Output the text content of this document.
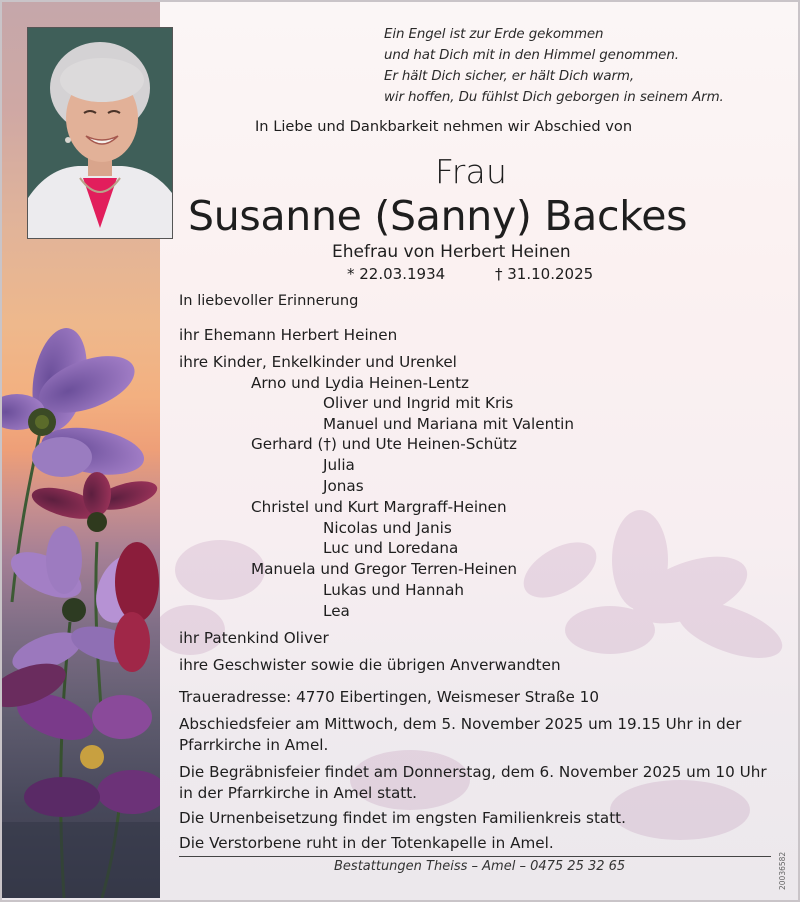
Ein Engel ist zur Erde gekommen
und hat Dich mit in den Himmel genommen.
Er hält Dich sicher, er hält Dich warm,
wir hoffen, Du fühlst Dich geborgen in seinem Arm.
In Liebe und Dankbarkeit nehmen wir Abschied von
Frau
Susanne (Sanny) Backes
Ehefrau von Herbert Heinen
* 22.03.1934	† 31.10.2025
In liebevoller Erinnerung
ihr Ehemann Herbert Heinen
ihre Kinder, Enkelkinder und Urenkel
Arno und Lydia Heinen-Lentz
Oliver und Ingrid mit Kris
Manuel und Mariana mit Valentin
Gerhard (†) und Ute Heinen-Schütz
Julia
Jonas
Christel und Kurt Margraff-Heinen
Nicolas und Janis
Luc und Loredana
Manuela und Gregor Terren-Heinen
Lukas und Hannah
Lea
ihr Patenkind Oliver
ihre Geschwister sowie die übrigen Anverwandten
Traueradresse: 4770 Eibertingen, Weismeser Straße 10
Abschiedsfeier am Mittwoch, dem 5. November 2025 um 19.15 Uhr in der Pfarrkirche in Amel.
Die Begräbnisfeier findet am Donnerstag, dem 6. November 2025 um 10 Uhr in der Pfarrkirche in Amel statt.
Die Urnenbeisetzung findet im engsten Familienkreis statt.
Die Verstorbene ruht in der Totenkapelle in Amel.
Bestattungen Theiss – Amel – 0475 25 32 65	20036582
